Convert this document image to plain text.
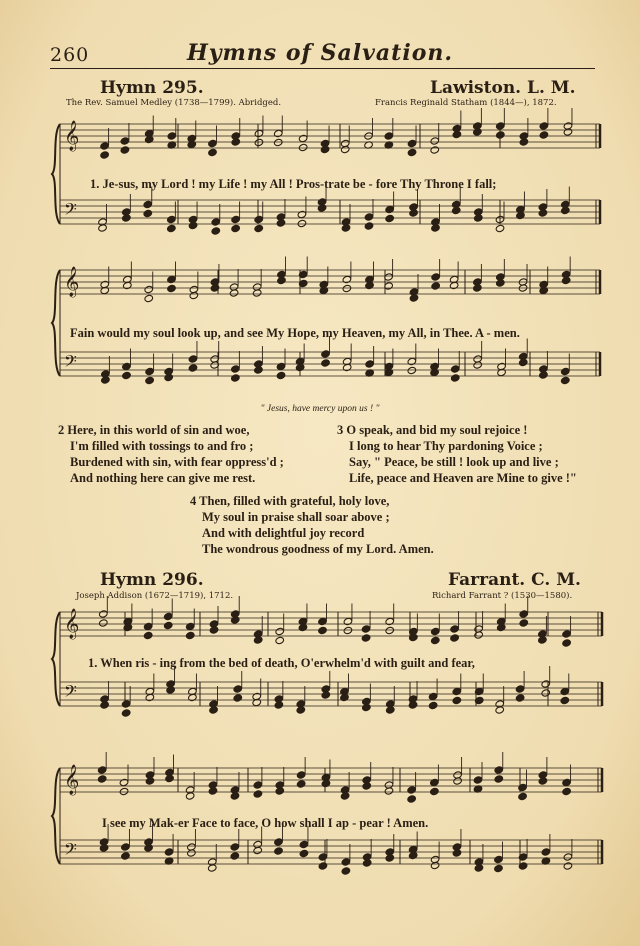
260	Hymns of Salvation.
Hymn 295.	Lawiston. L. M.
The Rev. Samuel Medley (1738—1799). Abridged.	Francis Reginald Statham (1844—), 1872.
𝄞
𝄢
𝄞
𝄢
𝄞
𝄢
𝄞
𝄢
1. Je-sus, my Lord ! my Life ! my All ! Pros-trate be - fore Thy Throne I fall;
Fain would my soul look up, and see My Hope, my Heaven, my All, in Thee. A - men.
" Jesus, have mercy upon us ! "
2 Here, in this world of sin and woe,
I'm filled with tossings to and fro ;
Burdened with sin, with fear oppress'd ;
And nothing here can give me rest.
3 O speak, and bid my soul rejoice !
I long to hear Thy pardoning Voice ;
Say, " Peace, be still ! look up and live ;
Life, peace and Heaven are Mine to give !"
4 Then, filled with grateful, holy love,
My soul in praise shall soar above ;
And with delightful joy record
The wondrous goodness of my Lord. Amen.
Hymn 296.	Farrant. C. M.
Joseph Addison (1672—1719), 1712.	Richard Farrant ? (1530—1580).
1. When ris - ing from the bed of death, O'erwhelm'd with guilt and fear,
I see my Mak-er Face to face, O how shall I ap - pear ! Amen.
